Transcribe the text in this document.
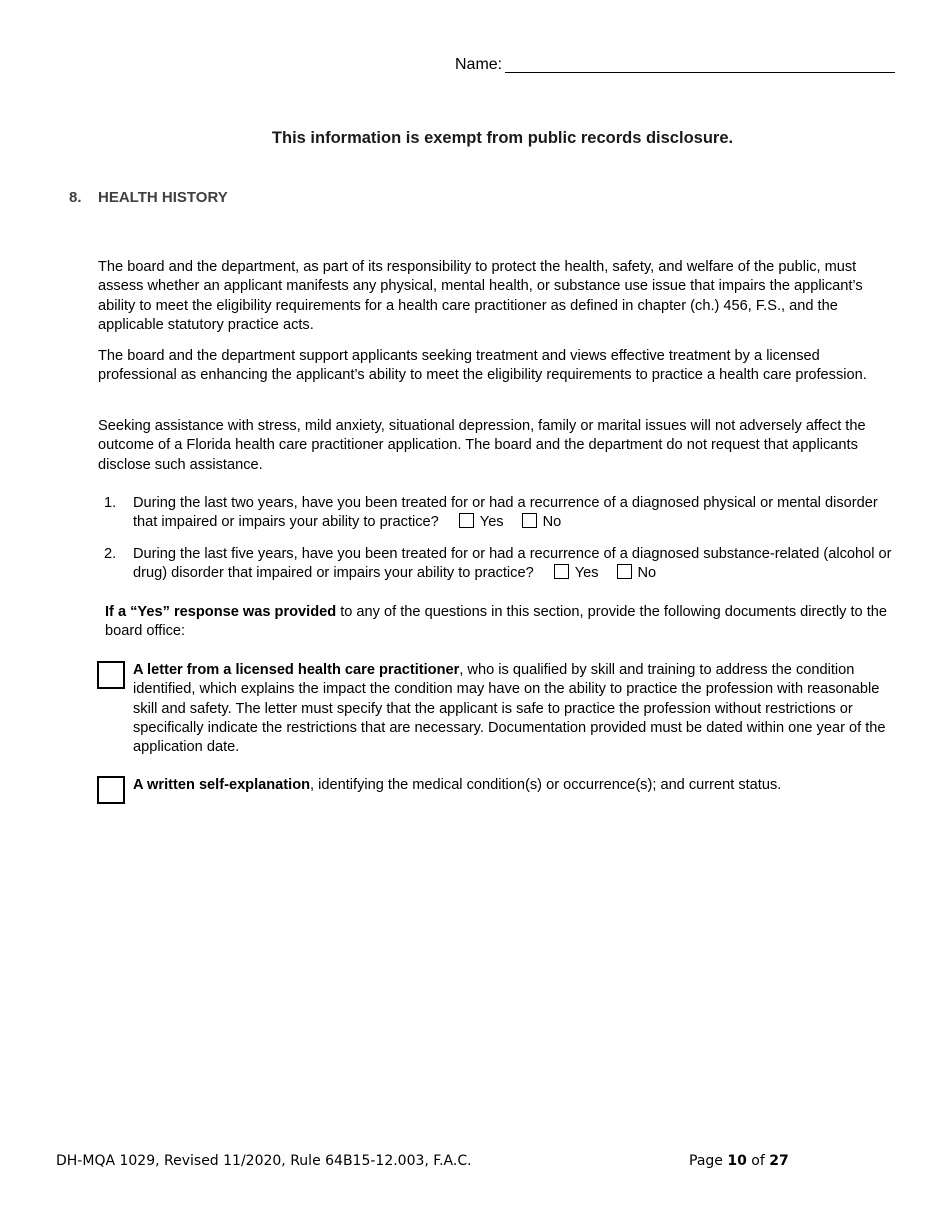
Name:
This information is exempt from public records disclosure.
8. HEALTH HISTORY
The board and the department, as part of its responsibility to protect the health, safety, and welfare of the public, must assess whether an applicant manifests any physical, mental health, or substance use issue that impairs the applicant’s ability to meet the eligibility requirements for a health care practitioner as defined in chapter (ch.) 456, F.S., and the applicable statutory practice acts.
The board and the department support applicants seeking treatment and views effective treatment by a licensed professional as enhancing the applicant’s ability to meet the eligibility requirements to practice a health care profession.
Seeking assistance with stress, mild anxiety, situational depression, family or marital issues will not adversely affect the outcome of a Florida health care practitioner application. The board and the department do not request that applicants disclose such assistance.
1. During the last two years, have you been treated for or had a recurrence of a diagnosed physical or mental disorder that impaired or impairs your ability to practice?	Yes	No
2. During the last five years, have you been treated for or had a recurrence of a diagnosed substance-related (alcohol or drug) disorder that impaired or impairs your ability to practice?	Yes	No
If a “Yes” response was provided to any of the questions in this section, provide the following documents directly to the board office:
A letter from a licensed health care practitioner, who is qualified by skill and training to address the condition identified, which explains the impact the condition may have on the ability to practice the profession with reasonable skill and safety. The letter must specify that the applicant is safe to practice the profession without restrictions or specifically indicate the restrictions that are necessary. Documentation provided must be dated within one year of the application date.
A written self-explanation, identifying the medical condition(s) or occurrence(s); and current status.
DH-MQA 1029, Revised 11/2020, Rule 64B15-12.003, F.A.C.	Page 10 of 27
